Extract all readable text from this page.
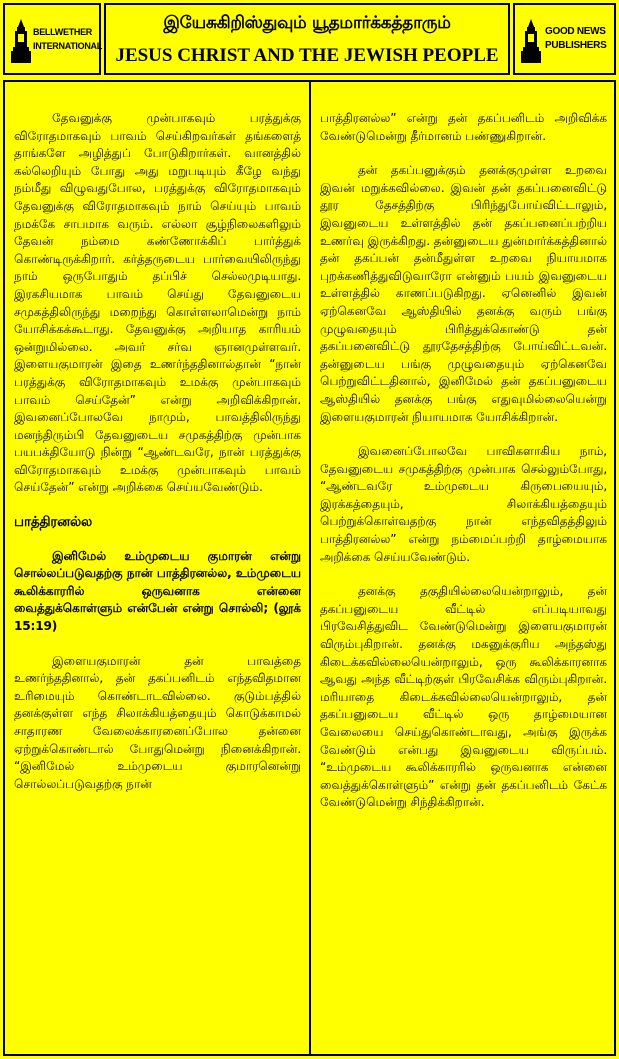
BELLWETHER INTERNATIONAL
இயேசுகிறிஸ்துவும் யூதமார்க்கத்தாரும்
JESUS CHRIST AND THE JEWISH PEOPLE
GOOD NEWS PUBLISHERS

தேவனுக்கு முன்பாகவும் பரத்துக்கு விரோதமாகவும் பாவம் செய்கிறவர்கள் தங்களைத் தாங்களே அழித்துப் போடுகிறார்கள். வானத்தில் கல்லெறியும் போது அது மறுபடியும் கீழே வந்து நம்மீது விழுவதுபோல, பரத்துக்கு விரோதமாகவும் தேவனுக்கு விரோதமாகவும் நாம் செய்யும் பாவம் நமக்கே சாபமாக வரும். எல்லா சூழ்நிலைகளிலும் தேவன் நம்மை கண்ணோக்கிப் பார்த்துக் கொண்டிருக்கிறார். கர்த்தருடைய பார்வையிலிருந்து நாம் ஒருபோதும் தப்பிச் செல்லமுடியாது. இரகசியமாக பாவம் செய்து தேவனுடைய சமுகத்திலிருந்து மறைந்து கொள்ளலாமென்று நாம் யோசிக்கக்கூடாது. தேவனுக்கு அறியாத காரியம் ஒன்றுமில்லை. அவர் சர்வ ஞானமுள்ளவர். இளையகுமாரன் இதை உணர்ந்ததினால்தான் “நான் பரத்துக்கு விரோதமாகவும் உமக்கு முன்பாகவும் பாவம் செய்தேன்” என்று அறிவிக்கிறான். இவனைப்போலவே நாமும், பாவத்திலிருந்து மனந்திரும்பி தேவனுடைய சமுகத்திற்கு முன்பாக பயபக்தியோடு நின்று “ஆண்டவரே, நான் பரத்துக்கு விரோதமாகவும் உமக்கு முன்பாகவும் பாவம் செய்தேன்” என்று அறிக்கை செய்யவேண்டும்.

பாத்திரனல்ல
இனிமேல் உம்முடைய குமாரன் என்று சொல்லப்படுவதற்கு நான் பாத்திரனல்ல, உம்முடைய கூலிக்காரரில் ஒருவனாக என்னை வைத்துக்கொள்ளும் என்பேன் என்று சொல்லி; (லூக் 15:19)

இளையகுமாரன் தன் பாவத்தை உணர்ந்ததினால், தன் தகப்பனிடம் எந்தவிதமான உரிமையும் கொண்டாடவில்லை. குடும்பத்தில் தனக்குள்ள எந்த சிலாக்கியத்தையும் கொடுக்காமல் சாதாரண வேலைக்காரனைப்போல தன்னை ஏற்றுக்கொண்டால் போதுமென்று நினைக்கிறான். “இனிமேல் உம்முடைய குமாரனென்று சொல்லப்படுவதற்கு நான்

பாத்திரனல்ல” என்று தன் தகப்பனிடம் அறிவிக்க வேண்டுமென்று தீர்மானம் பண்ணுகிறான்.

தன் தகப்பனுக்கும் தனக்குமுள்ள உறவை இவன் மறுக்கவில்லை. இவன் தன் தகப்பனைவிட்டு தூர தேசத்திற்கு பிரிந்துபோய்விட்டாலும், இவனுடைய உள்ளத்தில் தன் தகப்பனைப்பற்றிய உணர்வு இருக்கிறது. தன்னுடைய துன்மார்க்கத்தினால் தன் தகப்பன் தன்மீதுள்ள உறவை நியாயமாக புறக்கணித்துவிடுவாரோ என்னும் பயம் இவனுடைய உள்ளத்தில் காணப்படுகிறது. ஏனெனில் இவன் ஏற்கெனவே ஆஸ்தியில் தனக்கு வரும் பங்கு முழுவதையும் பிரித்துக்கொண்டு தன் தகப்பனைவிட்டு தூரதேசத்திற்கு போய்விட்டவன். தன்னுடைய பங்கு முழுவதையும் ஏற்கெனவே பெற்றுவிட்டதினால், இனிமேல் தன் தகப்பனுடைய ஆஸ்தியில் தனக்கு பங்கு எதுவுமில்லையென்று இளையகுமாரன் நியாயமாக யோசிக்கிறான்.

இவனைப்போலவே பாவிகளாகிய நாம், தேவனுடைய சமுகத்திற்கு முன்பாக செல்லும்போது, “ஆண்டவரே உம்முடைய கிருபையையும், இரக்கத்தையும், சிலாக்கியத்தையும் பெற்றுக்கொள்வதற்கு நான் எந்தவிதத்திலும் பாத்திரனல்ல” என்று நம்மைப்பற்றி தாழ்மையாக அறிக்கை செய்யவேண்டும்.

தனக்கு தகுதியில்லையென்றாலும், தன் தகப்பனுடைய வீட்டில் எப்படியாவது பிரவேசித்துவிட வேண்டுமென்று இளையகுமாரன் விரும்புகிறான். தனக்கு மகனுக்குரிய அந்தஸ்து கிடைக்கவில்லையென்றாலும், ஒரு கூலிக்காரனாக ஆவது அந்த வீட்டிற்குள் பிரவேசிக்க விரும்புகிறான். மரியாதை கிடைக்கவில்லையென்றாலும், தன் தகப்பனுடைய வீட்டில் ஒரு தாழ்மையான வேலையை செய்துகொண்டாவது, அங்கு இருக்க வேண்டும் என்பது இவனுடைய விருப்பம். “உம்முடைய கூலிக்காரரில் ஒருவனாக என்னை வைத்துக்கொள்ளும்” என்று தன் தகப்பனிடம் கேட்க வேண்டுமென்று சிந்திக்கிறான்.
